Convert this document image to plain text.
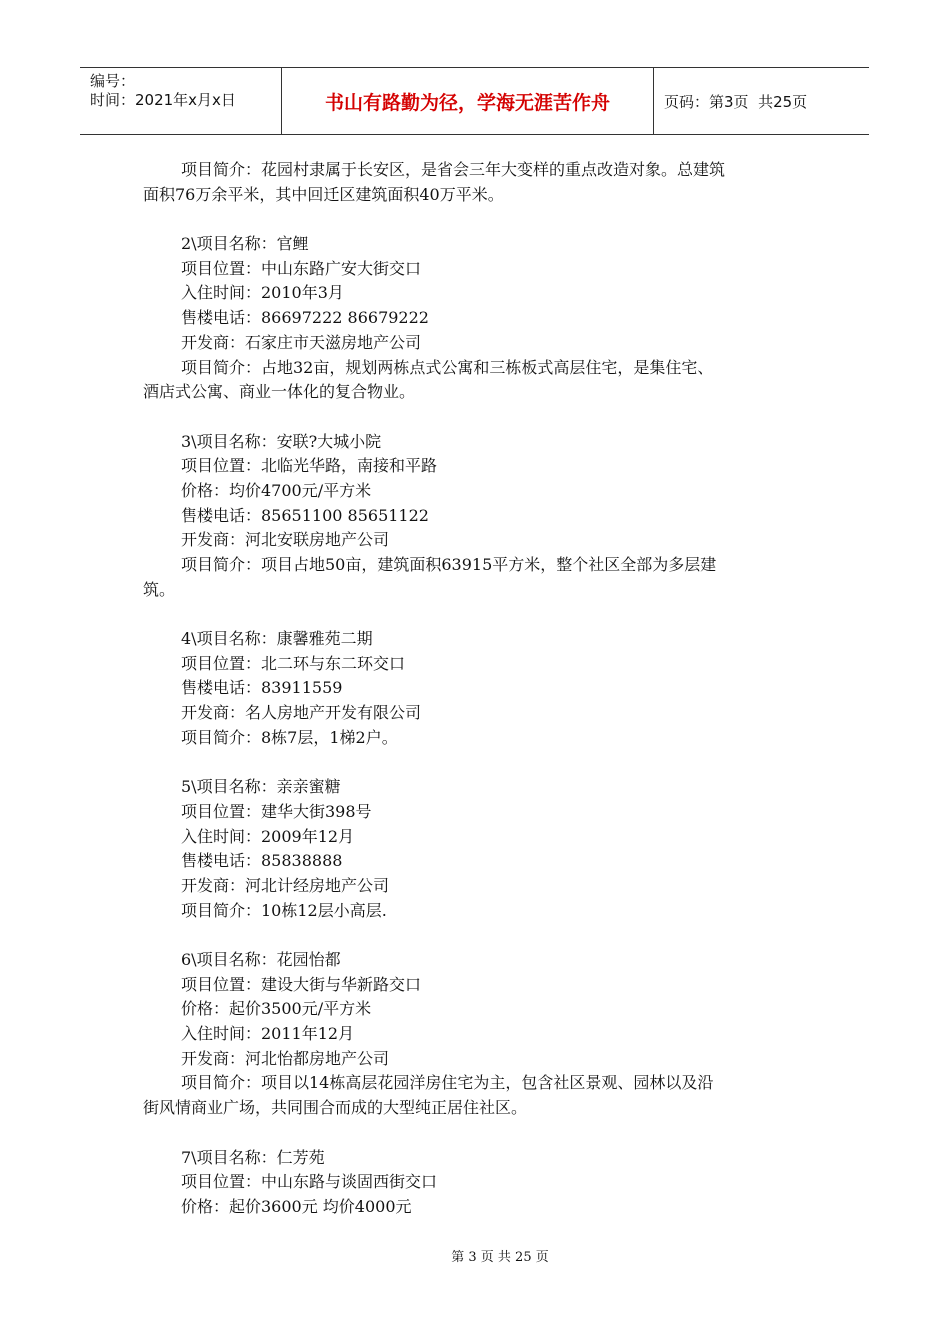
编号：
时间：2021年x月x日	书山有路勤为径，学海无涯苦作舟	页码：第3页  共25页
项目简介：花园村隶属于长安区，是省会三年大变样的重点改造对象。总建筑
面积76万余平米，其中回迁区建筑面积40万平米。
2\项目名称：官鲤
项目位置：中山东路广安大街交口
入住时间：2010年3月
售楼电话：86697222 86679222
开发商：石家庄市天滋房地产公司
项目简介：占地32亩，规划两栋点式公寓和三栋板式高层住宅，是集住宅、
酒店式公寓、商业一体化的复合物业。
3\项目名称：安联?大城小院
项目位置：北临光华路，南接和平路
价格：均价4700元/平方米
售楼电话：85651100 85651122
开发商：河北安联房地产公司
项目简介：项目占地50亩，建筑面积63915平方米，整个社区全部为多层建
筑。
4\项目名称：康馨雅苑二期
项目位置：北二环与东二环交口
售楼电话：83911559
开发商：名人房地产开发有限公司
项目简介：8栋7层，1梯2户。
5\项目名称：亲亲蜜糖
项目位置：建华大街398号
入住时间：2009年12月
售楼电话：85838888
开发商：河北计经房地产公司
项目简介：10栋12层小高层.
6\项目名称：花园怡都
项目位置：建设大街与华新路交口
价格：起价3500元/平方米
入住时间：2011年12月
开发商：河北怡都房地产公司
项目简介：项目以14栋高层花园洋房住宅为主，包含社区景观、园林以及沿
街风情商业广场，共同围合而成的大型纯正居住社区。
7\项目名称：仁芳苑
项目位置：中山东路与谈固西街交口
价格：起价3600元 均价4000元
第 3 页 共 25 页
